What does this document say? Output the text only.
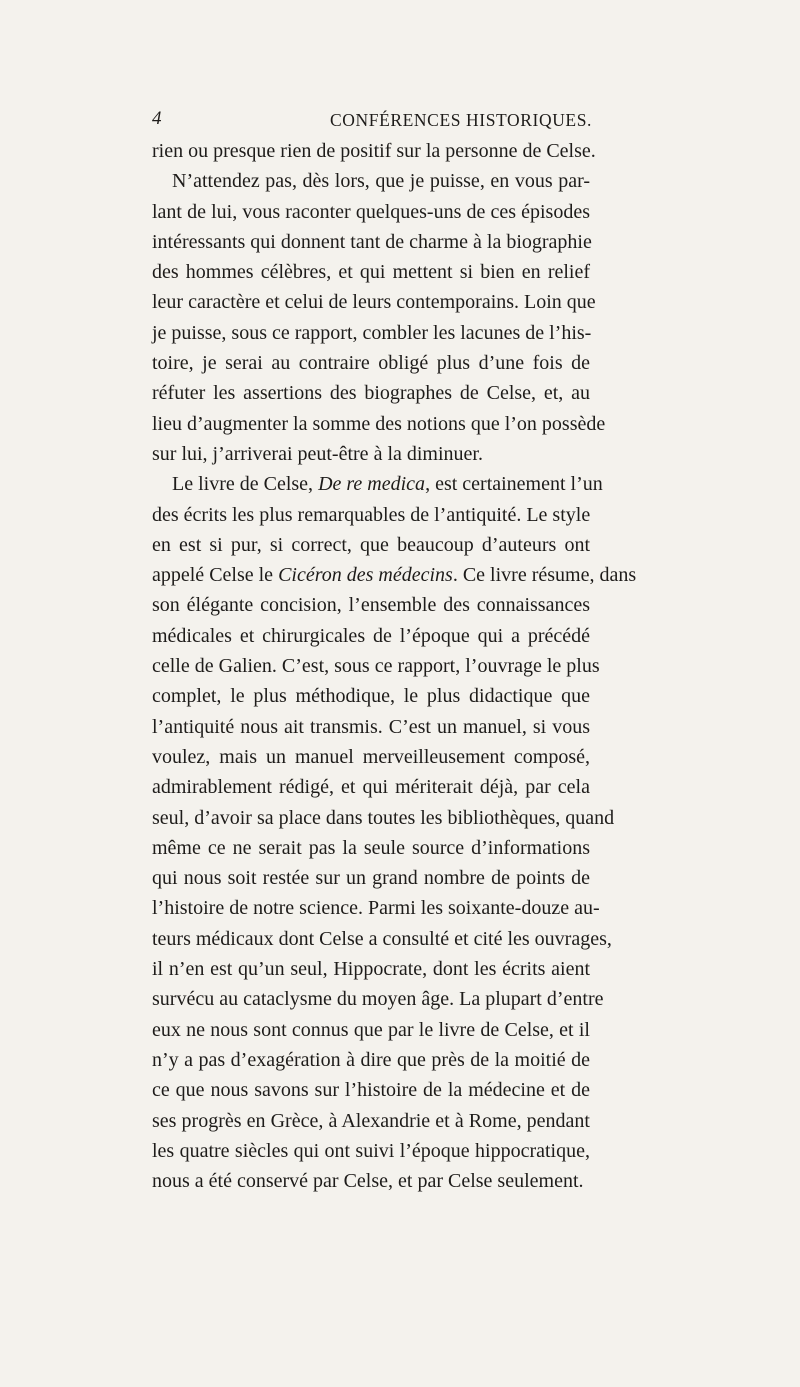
4	CONFÉRENCES HISTORIQUES.
rien ou presque rien de positif sur la personne de Celse.
N’attendez pas, dès lors, que je puisse, en vous par-
lant de lui, vous raconter quelques-uns de ces épisodes
intéressants qui donnent tant de charme à la biographie
des hommes célèbres, et qui mettent si bien en relief
leur caractère et celui de leurs contemporains. Loin que
je puisse, sous ce rapport, combler les lacunes de l’his-
toire, je serai au contraire obligé plus d’une fois de
réfuter les assertions des biographes de Celse, et, au
lieu d’augmenter la somme des notions que l’on possède
sur lui, j’arriverai peut-être à la diminuer.
Le livre de Celse, De re medica, est certainement l’un
des écrits les plus remarquables de l’antiquité. Le style
en est si pur, si correct, que beaucoup d’auteurs ont
appelé Celse le Cicéron des médecins. Ce livre résume, dans
son élégante concision, l’ensemble des connaissances
médicales et chirurgicales de l’époque qui a précédé
celle de Galien. C’est, sous ce rapport, l’ouvrage le plus
complet, le plus méthodique, le plus didactique que
l’antiquité nous ait transmis. C’est un manuel, si vous
voulez, mais un manuel merveilleusement composé,
admirablement rédigé, et qui mériterait déjà, par cela
seul, d’avoir sa place dans toutes les bibliothèques, quand
même ce ne serait pas la seule source d’informations
qui nous soit restée sur un grand nombre de points de
l’histoire de notre science. Parmi les soixante-douze au-
teurs médicaux dont Celse a consulté et cité les ouvrages,
il n’en est qu’un seul, Hippocrate, dont les écrits aient
survécu au cataclysme du moyen âge. La plupart d’entre
eux ne nous sont connus que par le livre de Celse, et il
n’y a pas d’exagération à dire que près de la moitié de
ce que nous savons sur l’histoire de la médecine et de
ses progrès en Grèce, à Alexandrie et à Rome, pendant
les quatre siècles qui ont suivi l’époque hippocratique,
nous a été conservé par Celse, et par Celse seulement.
